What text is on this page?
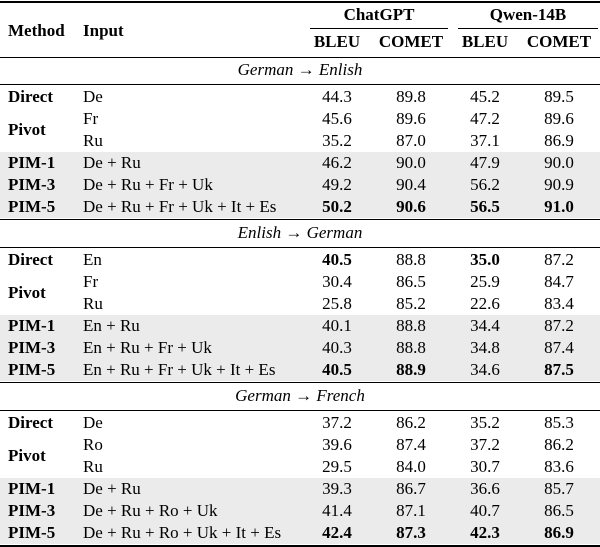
Method Input
ChatGPT	Qwen-14B
BLEU	COMET	BLEU	COMET
German → Enlish
Direct De	44.3	89.8	45.2	89.5
Pivot
Fr	45.6	89.6	47.2	89.6
Ru	35.2	87.0	37.1	86.9
PIM-1 De + Ru	46.2	90.0	47.9	90.0
PIM-3 De + Ru + Fr + Uk	49.2	90.4	56.2	90.9
PIM-5 De + Ru + Fr + Uk + It + Es	50.2	90.6	56.5	91.0
Enlish → German
Direct En	40.5	88.8	35.0	87.2
Pivot
Fr	30.4	86.5	25.9	84.7
Ru	25.8	85.2	22.6	83.4
PIM-1 En + Ru	40.1	88.8	34.4	87.2
PIM-3 En + Ru + Fr + Uk	40.3	88.8	34.8	87.4
PIM-5 En + Ru + Fr + Uk + It + Es	40.5	88.9	34.6	87.5
German → French
Direct De	37.2	86.2	35.2	85.3
Pivot
Ro	39.6	87.4	37.2	86.2
Ru	29.5	84.0	30.7	83.6
PIM-1 De + Ru	39.3	86.7	36.6	85.7
PIM-3 De + Ru + Ro + Uk	41.4	87.1	40.7	86.5
PIM-5 De + Ru + Ro + Uk + It + Es	42.4	87.3	42.3	86.9
